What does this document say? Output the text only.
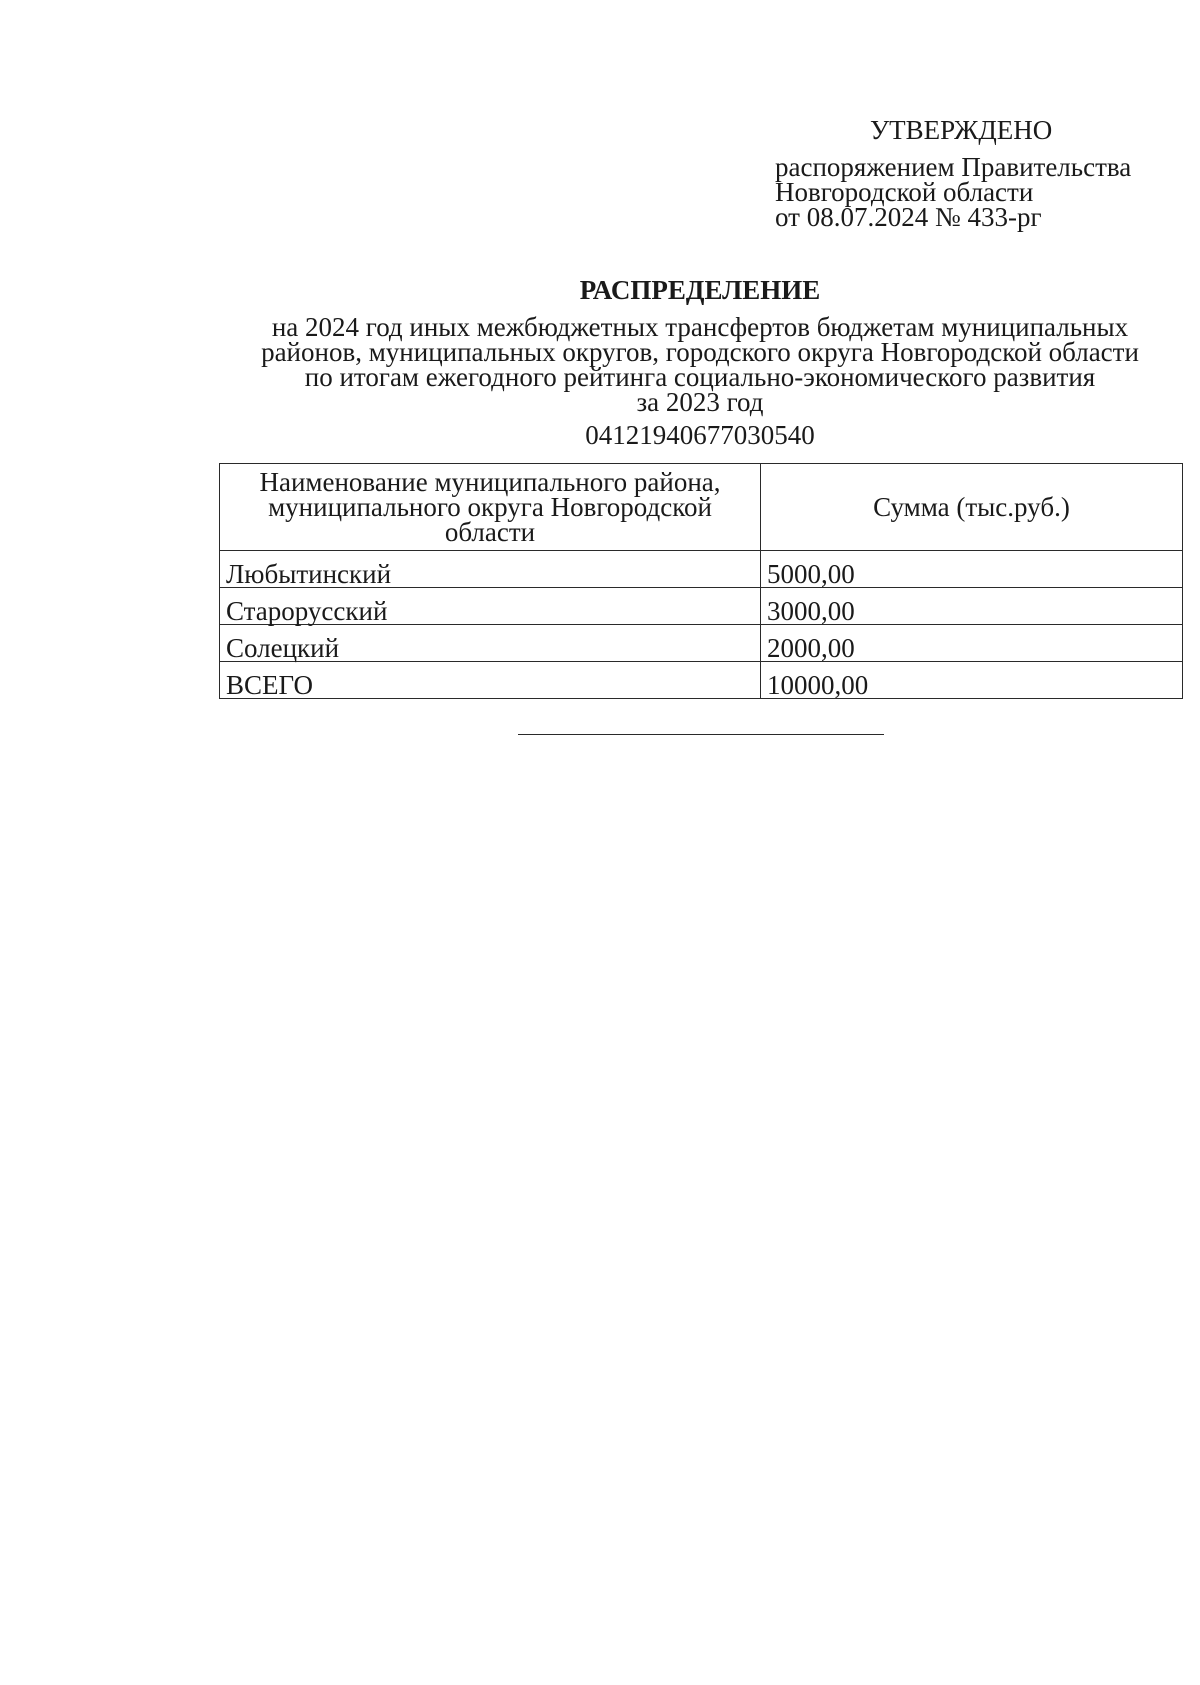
УТВЕРЖДЕНО
распоряжением Правительства
Новгородской области
от 08.07.2024 № 433-рг
РАСПРЕДЕЛЕНИЕ
на 2024 год иных межбюджетных трансфертов бюджетам муниципальных
районов, муниципальных округов, городского округа Новгородской области
по итогам ежегодного рейтинга социально-экономического развития
за 2023 год
04121940677030540
Наименование муниципального района, муниципального округа Новгородской области	Сумма (тыс.руб.)
Любытинский	5000,00
Старорусский	3000,00
Солецкий	2000,00
ВСЕГО	10000,00
